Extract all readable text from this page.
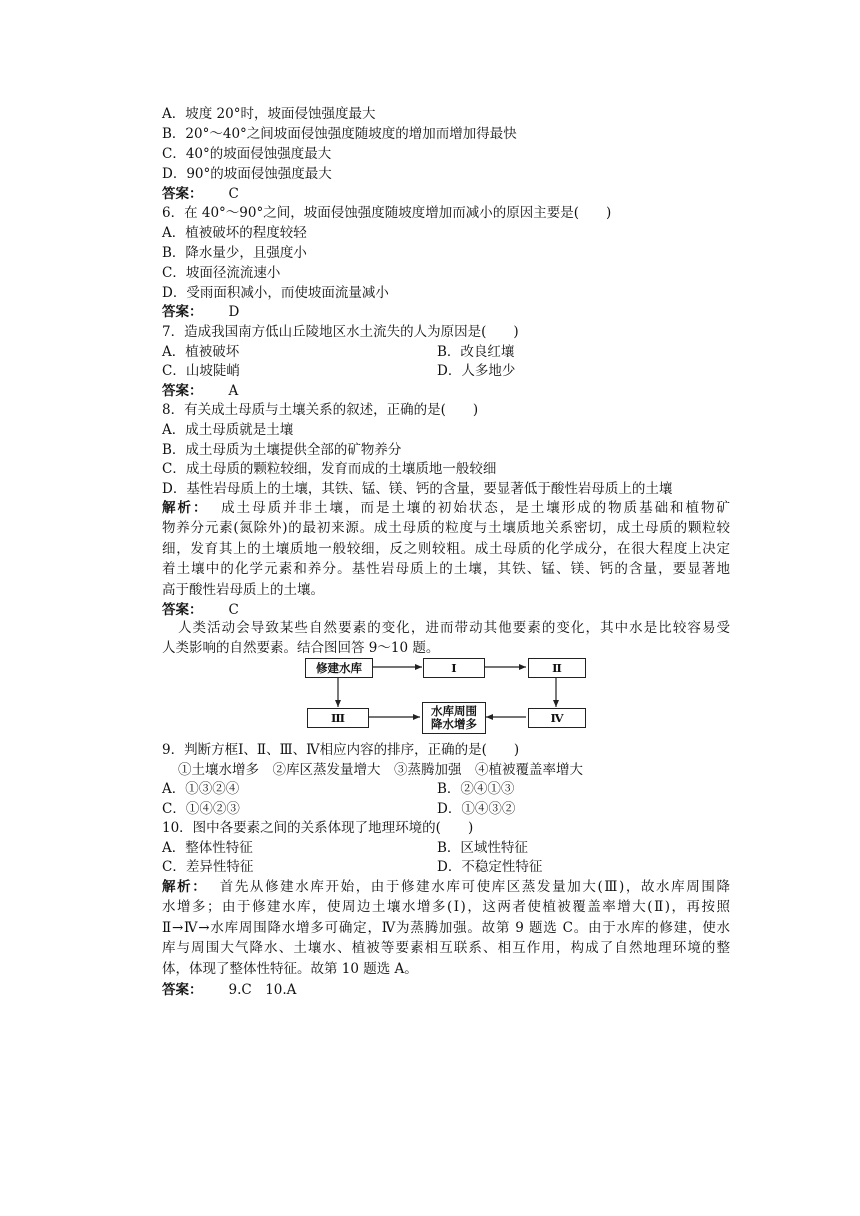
A．坡度 20°时，坡面侵蚀强度最大
B．20°～40°之间坡面侵蚀强度随坡度的增加而增加得最快
C．40°的坡面侵蚀强度最大
D．90°的坡面侵蚀强度最大
答案： C
6．在 40°～90°之间，坡面侵蚀强度随坡度增加而减小的原因主要是(　　)
A．植被破坏的程度较轻
B．降水量少，且强度小
C．坡面径流流速小
D．受雨面积减小，而使坡面流量减小
答案： D
7．造成我国南方低山丘陵地区水土流失的人为原因是(　　)
A．植被破坏	B．改良红壤
C．山坡陡峭	D．人多地少
答案： A
8．有关成土母质与土壤关系的叙述，正确的是(　　)
A．成土母质就是土壤
B．成土母质为土壤提供全部的矿物养分
C．成土母质的颗粒较细，发育而成的土壤质地一般较细
D．基性岩母质上的土壤，其铁、锰、镁、钙的含量，要显著低于酸性岩母质上的土壤
解析：　成土母质并非土壤，而是土壤的初始状态，是土壤形成的物质基础和植物矿
物养分元素(氮除外)的最初来源。成土母质的粒度与土壤质地关系密切，成土母质的颗粒较
细，发育其上的土壤质地一般较细，反之则较粗。成土母质的化学成分，在很大程度上决定
着土壤中的化学元素和养分。基性岩母质上的土壤，其铁、锰、镁、钙的含量，要显著地
高于酸性岩母质上的土壤。
答案： C
人类活动会导致某些自然要素的变化，进而带动其他要素的变化，其中水是比较容易受
人类影响的自然要素。结合图回答 9～10 题。
修建水库	Ⅰ	Ⅱ
Ⅲ	水库周围
降水增多	Ⅳ
9．判断方框Ⅰ、Ⅱ、Ⅲ、Ⅳ相应内容的排序，正确的是(　　)
①土壤水增多　②库区蒸发量增大　③蒸腾加强　④植被覆盖率增大
A．①③②④	B．②④①③
C．①④②③	D．①④③②
10．图中各要素之间的关系体现了地理环境的(　　)
A．整体性特征	B．区域性特征
C．差异性特征	D．不稳定性特征
解析：　首先从修建水库开始，由于修建水库可使库区蒸发量加大(Ⅲ)，故水库周围降
水增多；由于修建水库，使周边土壤水增多(Ⅰ)，这两者使植被覆盖率增大(Ⅱ)，再按照
Ⅱ→Ⅳ→水库周围降水增多可确定，Ⅳ为蒸腾加强。故第 9 题选 C。由于水库的修建，使水
库与周围大气降水、土壤水、植被等要素相互联系、相互作用，构成了自然地理环境的整
体，体现了整体性特征。故第 10 题选 A。
答案： 9.C　10.A
